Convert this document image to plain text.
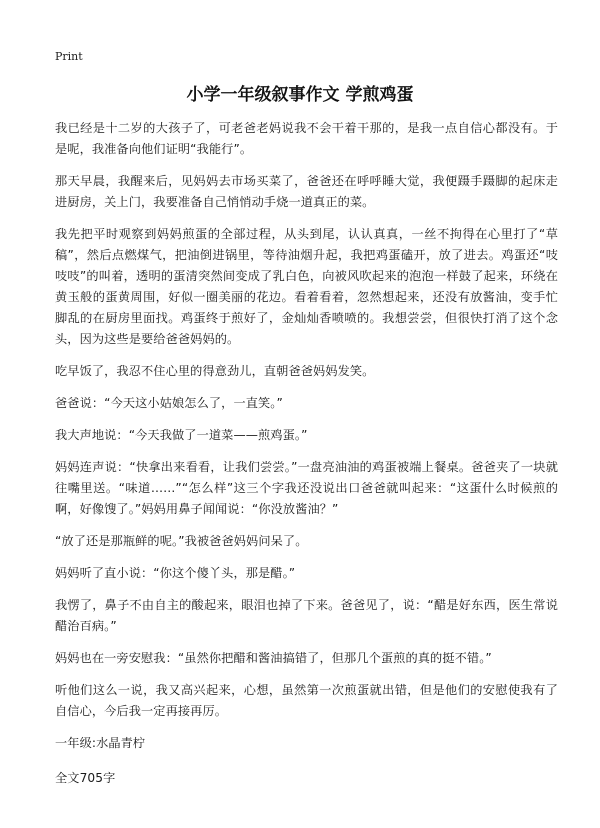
Print
小学一年级叙事作文 学煎鸡蛋

我已经是十二岁的大孩子了，可老爸老妈说我不会干着干那的，是我一点自信心都没有。于是呢，我准备向他们证明“我能行”。

那天早晨，我醒来后，见妈妈去市场买菜了，爸爸还在呼呼睡大觉，我便蹑手蹑脚的起床走进厨房，关上门，我要准备自己悄悄动手烧一道真正的菜。

我先把平时观察到妈妈煎蛋的全部过程，从头到尾，认认真真，一丝不拘得在心里打了“草稿”，然后点燃煤气，把油倒进锅里，等待油烟升起，我把鸡蛋磕开，放了进去。鸡蛋还“吱吱吱”的叫着，透明的蛋清突然间变成了乳白色，向被风吹起来的泡泡一样鼓了起来，环绕在黄玉般的蛋黄周围，好似一圈美丽的花边。看着看着，忽然想起来，还没有放酱油，变手忙脚乱的在厨房里面找。鸡蛋终于煎好了，金灿灿香喷喷的。我想尝尝，但很快打消了这个念头，因为这些是要给爸爸妈妈的。

吃早饭了，我忍不住心里的得意劲儿，直朝爸爸妈妈发笑。

爸爸说：“今天这小姑娘怎么了，一直笑。”

我大声地说：“今天我做了一道菜——煎鸡蛋。”

妈妈连声说：“快拿出来看看，让我们尝尝。”一盘亮油油的鸡蛋被端上餐桌。爸爸夹了一块就往嘴里送。“味道……”“怎么样”这三个字我还没说出口爸爸就叫起来：“这蛋什么时候煎的啊，好像馊了。”妈妈用鼻子闻闻说：“你没放酱油？”

“放了还是那瓶鲜的呢。”我被爸爸妈妈问呆了。

妈妈听了直小说：“你这个傻丫头，那是醋。”

我愣了，鼻子不由自主的酸起来，眼泪也掉了下来。爸爸见了，说：“醋是好东西，医生常说醋治百病。”

妈妈也在一旁安慰我：“虽然你把醋和酱油搞错了，但那几个蛋煎的真的挺不错。”

听他们这么一说，我又高兴起来，心想，虽然第一次煎蛋就出错，但是他们的安慰使我有了自信心，今后我一定再接再厉。

一年级:水晶青柠
全文705字
